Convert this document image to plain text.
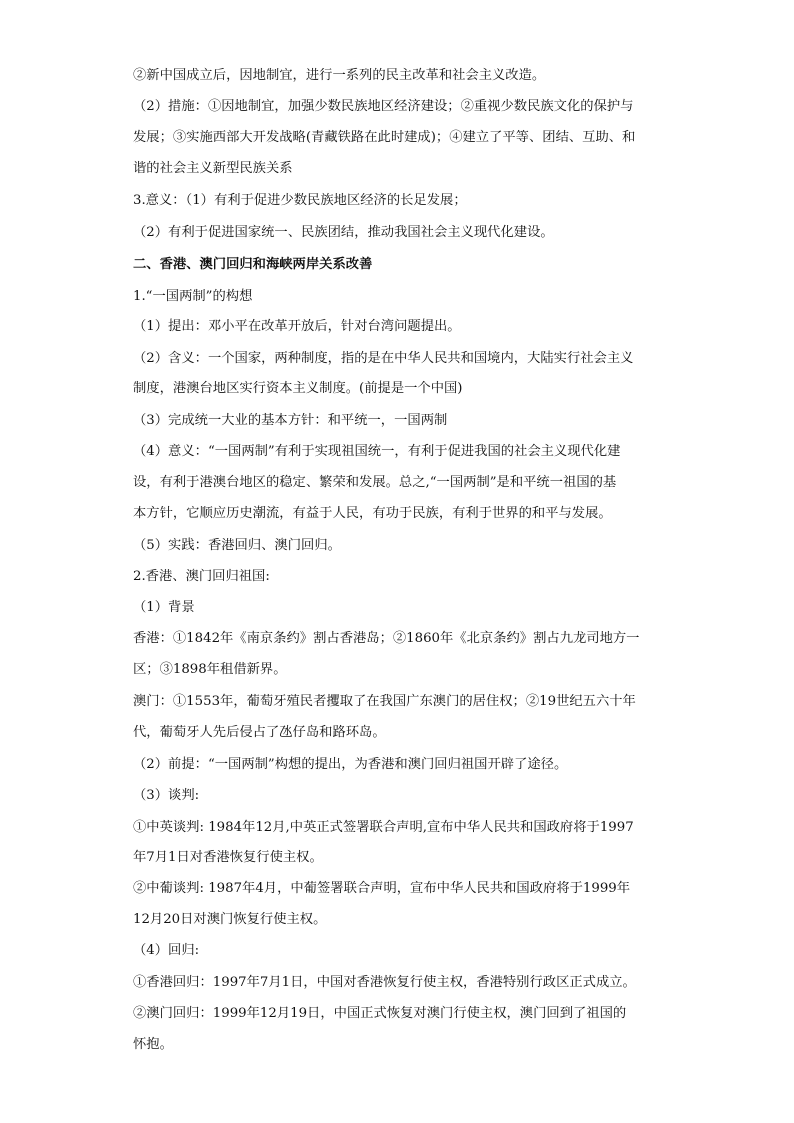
②新中国成立后，因地制宜，进行一系列的民主改革和社会主义改造。
（2）措施：①因地制宜，加强少数民族地区经济建设；②重视少数民族文化的保护与
发展；③实施西部大开发战略(青藏铁路在此时建成)；④建立了平等、团结、互助、和
谐的社会主义新型民族关系
3.意义：（1）有利于促进少数民族地区经济的长足发展；
（2）有利于促进国家统一、民族团结，推动我国社会主义现代化建设。
二、香港、澳门回归和海峡两岸关系改善
1.“一国两制”的构想
（1）提出：邓小平在改革开放后，针对台湾问题提出。
（2）含义：一个国家，两种制度，指的是在中华人民共和国境内，大陆实行社会主义
制度，港澳台地区实行资本主义制度。(前提是一个中国)
（3）完成统一大业的基本方针：和平统一，一国两制
（4）意义：“一国两制”有利于实现祖国统一，有利于促进我国的社会主义现代化建
设，有利于港澳台地区的稳定、繁荣和发展。总之,“一国两制”是和平统一祖国的基
本方针，它顺应历史潮流，有益于人民，有功于民族，有利于世界的和平与发展。
（5）实践：香港回归、澳门回归。
2.香港、澳门回归祖国:
（1）背景
香港：①1842年《南京条约》割占香港岛；②1860年《北京条约》割占九龙司地方一
区；③1898年租借新界。
澳门：①1553年，葡萄牙殖民者攫取了在我国广东澳门的居住权；②19世纪五六十年
代，葡萄牙人先后侵占了氹仔岛和路环岛。
（2）前提：“一国两制”构想的提出，为香港和澳门回归祖国开辟了途径。
（3）谈判:
①中英谈判: 1984年12月,中英正式签署联合声明,宣布中华人民共和国政府将于1997
年7月1日对香港恢复行使主权。
②中葡谈判: 1987年4月，中葡签署联合声明，宣布中华人民共和国政府将于1999年
12月20日对澳门恢复行使主权。
（4）回归:
①香港回归：1997年7月1日，中国对香港恢复行使主权，香港特别行政区正式成立。
②澳门回归：1999年12月19日，中国正式恢复对澳门行使主权，澳门回到了祖国的
怀抱。
